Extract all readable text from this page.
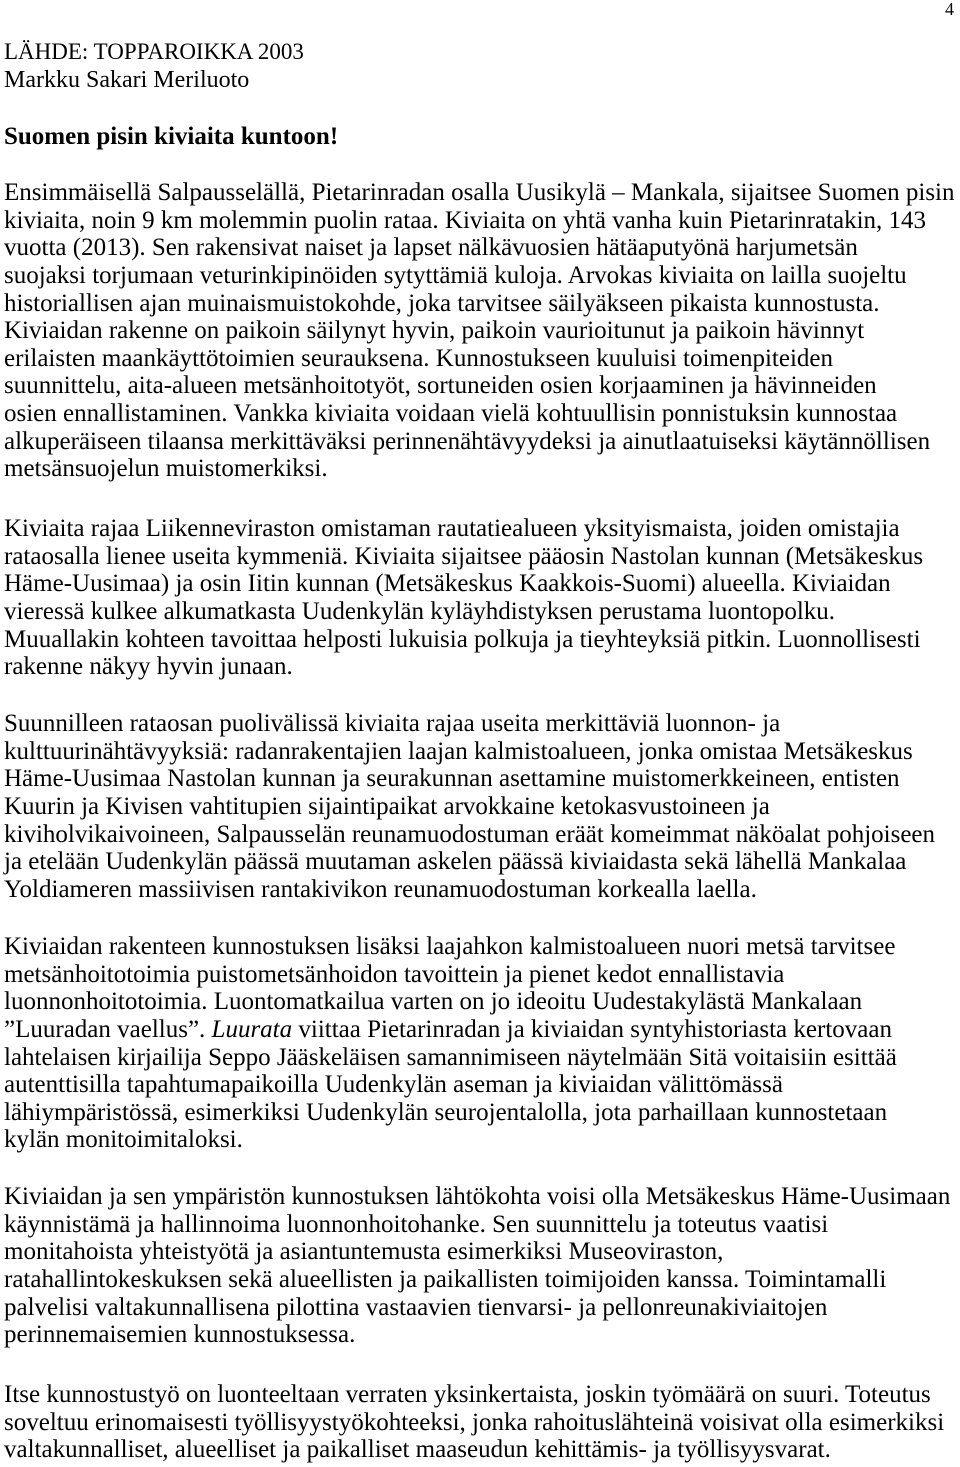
4
LÄHDE: TOPPAROIKKA 2003
Markku Sakari Meriluoto
Suomen pisin kiviaita kuntoon!
Ensimmäisellä Salpausselällä, Pietarinradan osalla Uusikylä – Mankala, sijaitsee Suomen pisin
kiviaita, noin 9 km molemmin puolin rataa. Kiviaita on yhtä vanha kuin Pietarinratakin, 143
vuotta (2013). Sen rakensivat naiset ja lapset nälkävuosien hätäaputyönä harjumetsän
suojaksi torjumaan veturinkipinöiden sytyttämiä kuloja. Arvokas kiviaita on lailla suojeltu
historiallisen ajan muinaismuistokohde, joka tarvitsee säilyäkseen pikaista kunnostusta.
Kiviaidan rakenne on paikoin säilynyt hyvin, paikoin vaurioitunut ja paikoin hävinnyt
erilaisten maankäyttötoimien seurauksena. Kunnostukseen kuuluisi toimenpiteiden
suunnittelu, aita-alueen metsänhoitotyöt, sortuneiden osien korjaaminen ja hävinneiden
osien ennallistaminen. Vankka kiviaita voidaan vielä kohtuullisin ponnistuksin kunnostaa
alkuperäiseen tilaansa merkittäväksi perinnenähtävyydeksi ja ainutlaatuiseksi käytännöllisen
metsänsuojelun muistomerkiksi.
Kiviaita rajaa Liikenneviraston omistaman rautatiealueen yksityismaista, joiden omistajia
rataosalla lienee useita kymmeniä. Kiviaita sijaitsee pääosin Nastolan kunnan (Metsäkeskus
Häme-Uusimaa) ja osin Iitin kunnan (Metsäkeskus Kaakkois-Suomi) alueella. Kiviaidan
vieressä kulkee alkumatkasta Uudenkylän kyläyhdistyksen perustama luontopolku.
Muuallakin kohteen tavoittaa helposti lukuisia polkuja ja tieyhteyksiä pitkin. Luonnollisesti
rakenne näkyy hyvin junaan.
Suunnilleen rataosan puolivälissä kiviaita rajaa useita merkittäviä luonnon- ja
kulttuurinähtävyyksiä: radanrakentajien laajan kalmistoalueen, jonka omistaa Metsäkeskus
Häme-Uusimaa Nastolan kunnan ja seurakunnan asettamine muistomerkkeineen, entisten
Kuurin ja Kivisen vahtitupien sijaintipaikat arvokkaine ketokasvustoineen ja
kiviholvikaivoineen, Salpausselän reunamuodostuman eräät komeimmat näköalat pohjoiseen
ja etelään Uudenkylän päässä muutaman askelen päässä kiviaidasta sekä lähellä Mankalaa
Yoldiameren massiivisen rantakivikon reunamuodostuman korkealla laella.
Kiviaidan rakenteen kunnostuksen lisäksi laajahkon kalmistoalueen nuori metsä tarvitsee
metsänhoitotoimia puistometsänhoidon tavoittein ja pienet kedot ennallistavia
luonnonhoitotoimia. Luontomatkailua varten on jo ideoitu Uudestakylästä Mankalaan
”Luuradan vaellus”. Luurata viittaa Pietarinradan ja kiviaidan syntyhistoriasta kertovaan
lahtelaisen kirjailija Seppo Jääskeläisen samannimiseen näytelmään Sitä voitaisiin esittää
autenttisilla tapahtumapaikoilla Uudenkylän aseman ja kiviaidan välittömässä
lähiympäristössä, esimerkiksi Uudenkylän seurojentalolla, jota parhaillaan kunnostetaan
kylän monitoimitaloksi.
Kiviaidan ja sen ympäristön kunnostuksen lähtökohta voisi olla Metsäkeskus Häme-Uusimaan
käynnistämä ja hallinnoima luonnonhoitohanke. Sen suunnittelu ja toteutus vaatisi
monitahoista yhteistyötä ja asiantuntemusta esimerkiksi Museoviraston,
ratahallintokeskuksen sekä alueellisten ja paikallisten toimijoiden kanssa. Toimintamalli
palvelisi valtakunnallisena pilottina vastaavien tienvarsi- ja pellonreunakiviaitojen
perinnemaisemien kunnostuksessa.
Itse kunnostustyö on luonteeltaan verraten yksinkertaista, joskin työmäärä on suuri. Toteutus
soveltuu erinomaisesti työllisyystyökohteeksi, jonka rahoituslähteinä voisivat olla esimerkiksi
valtakunnalliset, alueelliset ja paikalliset maaseudun kehittämis- ja työllisyysvarat.
